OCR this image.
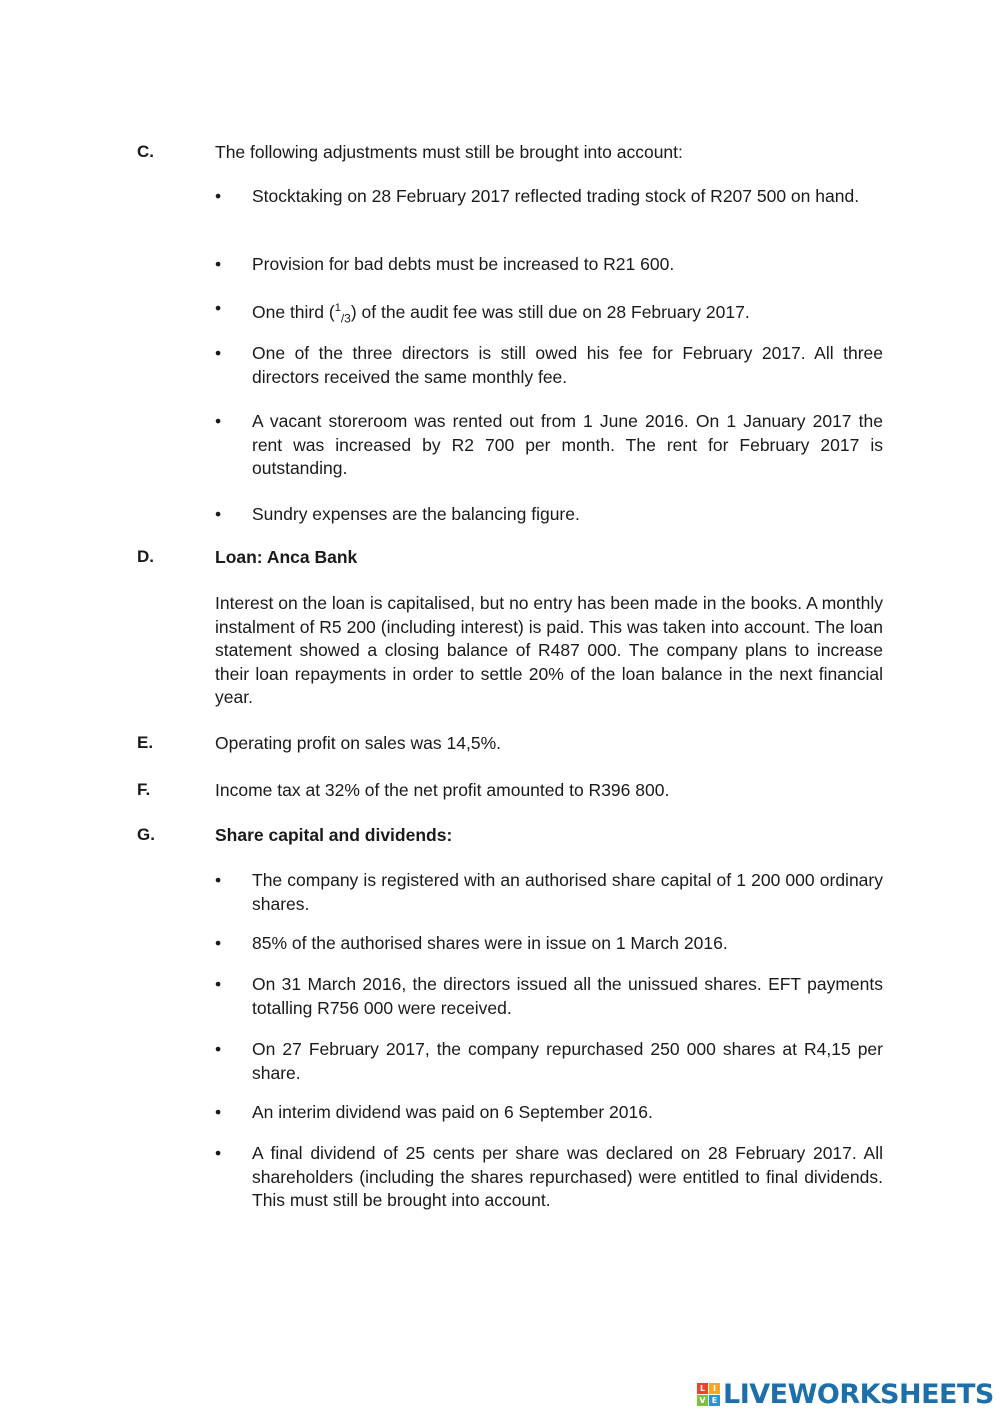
C.	The following adjustments must still be brought into account:
•	Stocktaking on 28 February 2017 reflected trading stock of R207 500 on hand.
•	Provision for bad debts must be increased to R21 600.
•	One third ($^1_{/3}$) of the audit fee was still due on 28 February 2017.
•	One of the three directors is still owed his fee for February 2017. All three directors received the same monthly fee.
•	A vacant storeroom was rented out from 1 June 2016. On 1 January 2017 the rent was increased by R2 700 per month. The rent for February 2017 is outstanding.
•	Sundry expenses are the balancing figure.
D.	Loan: Anca Bank
Interest on the loan is capitalised, but no entry has been made in the books. A monthly instalment of R5 200 (including interest) is paid. This was taken into account. The loan statement showed a closing balance of R487 000. The company plans to increase their loan repayments in order to settle 20% of the loan balance in the next financial year.
E.	Operating profit on sales was 14,5%.
F.	Income tax at 32% of the net profit amounted to R396 800.
G.	Share capital and dividends:
•	The company is registered with an authorised share capital of 1 200 000 ordinary shares.
•	85% of the authorised shares were in issue on 1 March 2016.
•	On 31 March 2016, the directors issued all the unissued shares. EFT payments totalling R756 000 were received.
•	On 27 February 2017, the company repurchased 250 000 shares at R4,15 per share.
•	An interim dividend was paid on 6 September 2016.
•	A final dividend of 25 cents per share was declared on 28 February 2017. All shareholders (including the shares repurchased) were entitled to final dividends. This must still be brought into account.
L I
V E LIVEWORKSHEETS
